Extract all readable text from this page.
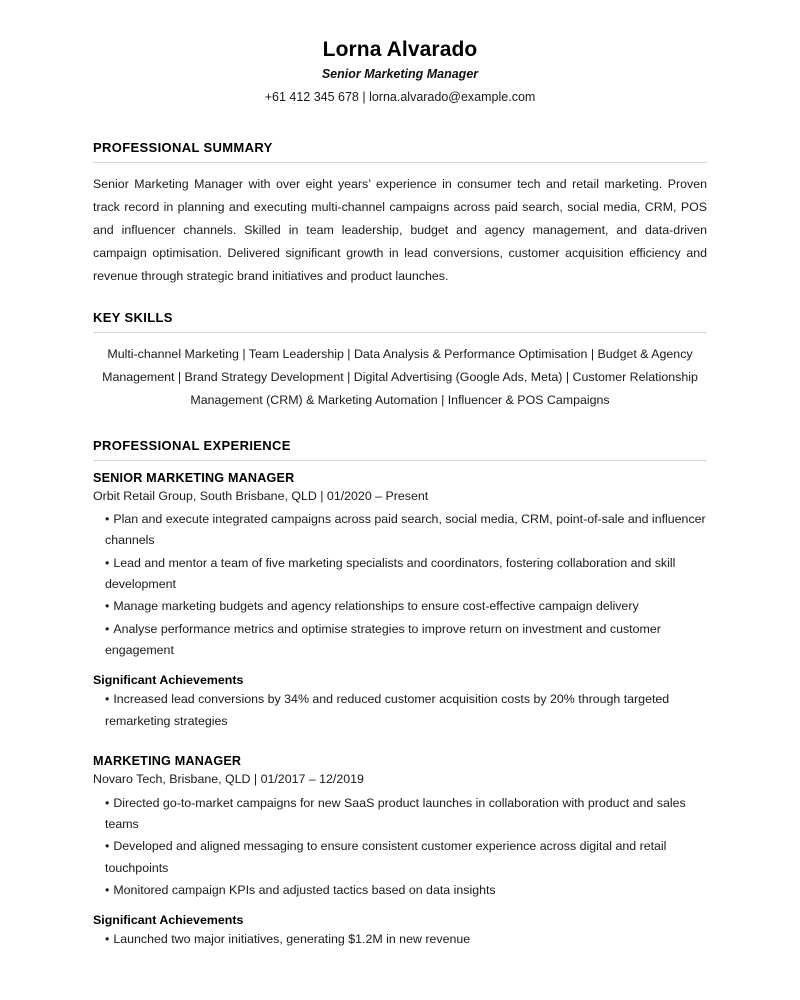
Lorna Alvarado
Senior Marketing Manager
+61 412 345 678 | lorna.alvarado@example.com
PROFESSIONAL SUMMARY

Senior Marketing Manager with over eight years’ experience in consumer tech and retail marketing. Proven track record in planning and executing multi-channel campaigns across paid search, social media, CRM, POS and influencer channels. Skilled in team leadership, budget and agency management, and data-driven campaign optimisation. Delivered significant growth in lead conversions, customer acquisition efficiency and revenue through strategic brand initiatives and product launches.

KEY SKILLS

Multi-channel Marketing | Team Leadership | Data Analysis & Performance Optimisation | Budget & Agency Management | Brand Strategy Development | Digital Advertising (Google Ads, Meta) | Customer Relationship Management (CRM) & Marketing Automation | Influencer & POS Campaigns

PROFESSIONAL EXPERIENCE
SENIOR MARKETING MANAGER
Orbit Retail Group, South Brisbane, QLD | 01/2020 – Present
• Plan and execute integrated campaigns across paid search, social media, CRM, point-of-sale and influencer channels
• Lead and mentor a team of five marketing specialists and coordinators, fostering collaboration and skill development
• Manage marketing budgets and agency relationships to ensure cost-effective campaign delivery
• Analyse performance metrics and optimise strategies to improve return on investment and customer engagement
Significant Achievements
• Increased lead conversions by 34% and reduced customer acquisition costs by 20% through targeted remarketing strategies
MARKETING MANAGER
Novaro Tech, Brisbane, QLD | 01/2017 – 12/2019
• Directed go-to-market campaigns for new SaaS product launches in collaboration with product and sales teams
• Developed and aligned messaging to ensure consistent customer experience across digital and retail touchpoints
• Monitored campaign KPIs and adjusted tactics based on data insights
Significant Achievements
• Launched two major initiatives, generating $1.2M in new revenue
